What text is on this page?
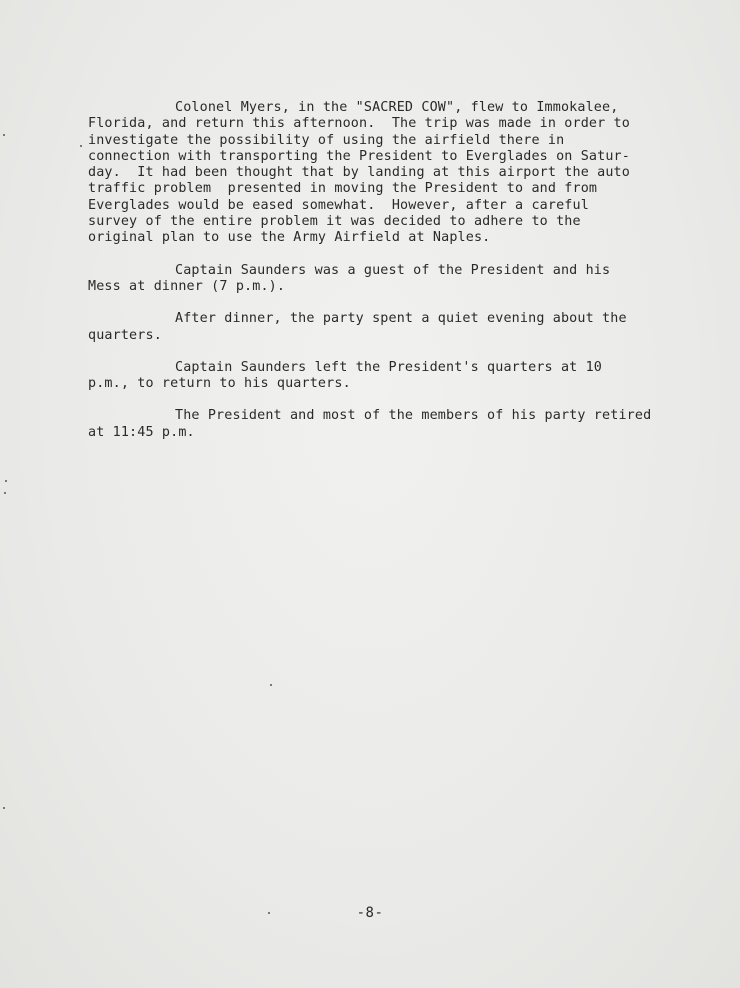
Colonel Myers, in the "SACRED COW", flew to Immokalee,
Florida, and return this afternoon.  The trip was made in order to
investigate the possibility of using the airfield there in
connection with transporting the President to Everglades on Satur-
day.  It had been thought that by landing at this airport the auto
traffic problem  presented in moving the President to and from
Everglades would be eased somewhat.  However, after a careful
survey of the entire problem it was decided to adhere to the
original plan to use the Army Airfield at Naples.
Captain Saunders was a guest of the President and his
Mess at dinner (7 p.m.).
After dinner, the party spent a quiet evening about the
quarters.
Captain Saunders left the President's quarters at 10
p.m., to return to his quarters.
The President and most of the members of his party retired
at 11:45 p.m.
-8-
